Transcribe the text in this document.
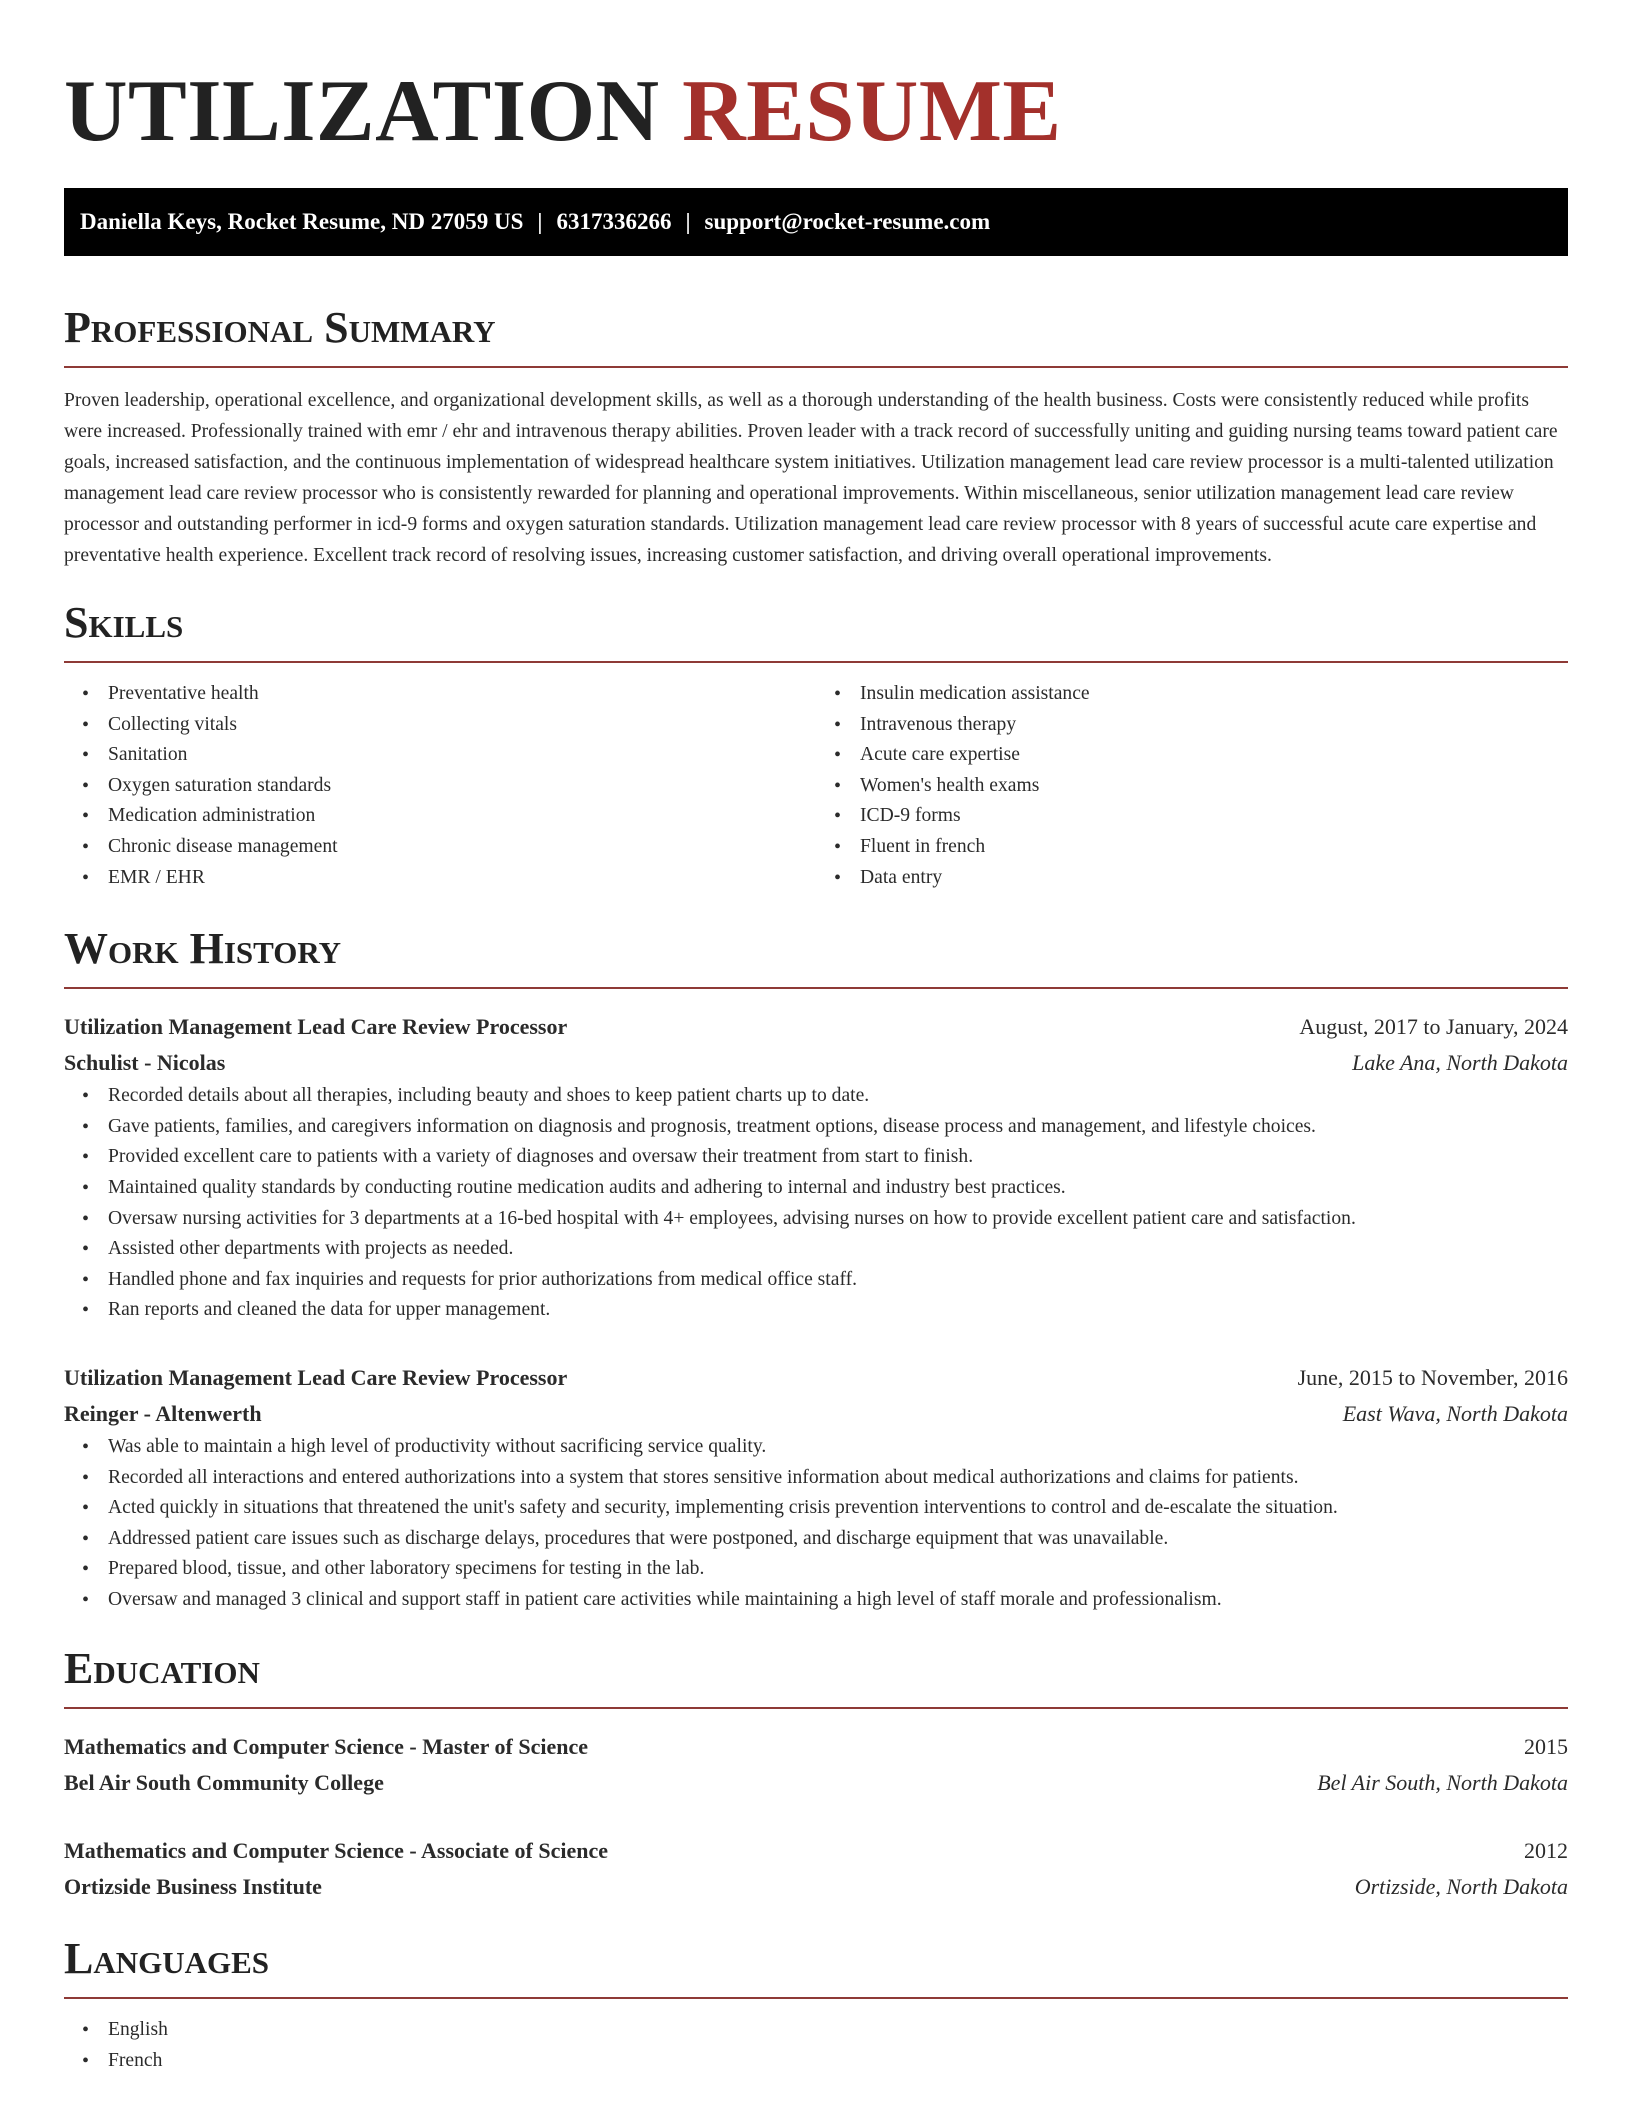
UTILIZATION RESUME
Daniella Keys, Rocket Resume, ND 27059 US | 6317336266 | support@rocket-resume.com
Professional Summary

Proven leadership, operational excellence, and organizational development skills, as well as a thorough understanding of the health business. Costs were consistently reduced while profits were increased. Professionally trained with emr / ehr and intravenous therapy abilities. Proven leader with a track record of successfully uniting and guiding nursing teams toward patient care goals, increased satisfaction, and the continuous implementation of widespread healthcare system initiatives. Utilization management lead care review processor is a multi-talented utilization management lead care review processor who is consistently rewarded for planning and operational improvements. Within miscellaneous, senior utilization management lead care review processor and outstanding performer in icd-9 forms and oxygen saturation standards. Utilization management lead care review processor with 8 years of successful acute care expertise and preventative health experience. Excellent track record of resolving issues, increasing customer satisfaction, and driving overall operational improvements.

Skills
• Preventative health
• Collecting vitals
• Sanitation
• Oxygen saturation standards
• Medication administration
• Chronic disease management
• EMR / EHR
• Insulin medication assistance
• Intravenous therapy
• Acute care expertise
• Women's health exams
• ICD-9 forms
• Fluent in french
• Data entry
Work History
Utilization Management Lead Care Review Processor	August, 2017 to January, 2024
Schulist - Nicolas	Lake Ana, North Dakota
• Recorded details about all therapies, including beauty and shoes to keep patient charts up to date.
• Gave patients, families, and caregivers information on diagnosis and prognosis, treatment options, disease process and management, and lifestyle choices.
• Provided excellent care to patients with a variety of diagnoses and oversaw their treatment from start to finish.
• Maintained quality standards by conducting routine medication audits and adhering to internal and industry best practices.
• Oversaw nursing activities for 3 departments at a 16-bed hospital with 4+ employees, advising nurses on how to provide excellent patient care and satisfaction.
• Assisted other departments with projects as needed.
• Handled phone and fax inquiries and requests for prior authorizations from medical office staff.
• Ran reports and cleaned the data for upper management.
Utilization Management Lead Care Review Processor	June, 2015 to November, 2016
Reinger - Altenwerth	East Wava, North Dakota
• Was able to maintain a high level of productivity without sacrificing service quality.
• Recorded all interactions and entered authorizations into a system that stores sensitive information about medical authorizations and claims for patients.
• Acted quickly in situations that threatened the unit's safety and security, implementing crisis prevention interventions to control and de-escalate the situation.
• Addressed patient care issues such as discharge delays, procedures that were postponed, and discharge equipment that was unavailable.
• Prepared blood, tissue, and other laboratory specimens for testing in the lab.
• Oversaw and managed 3 clinical and support staff in patient care activities while maintaining a high level of staff morale and professionalism.
Education
Mathematics and Computer Science - Master of Science	2015
Bel Air South Community College	Bel Air South, North Dakota
Mathematics and Computer Science - Associate of Science	2012
Ortizside Business Institute	Ortizside, North Dakota
Languages
• English
• French
